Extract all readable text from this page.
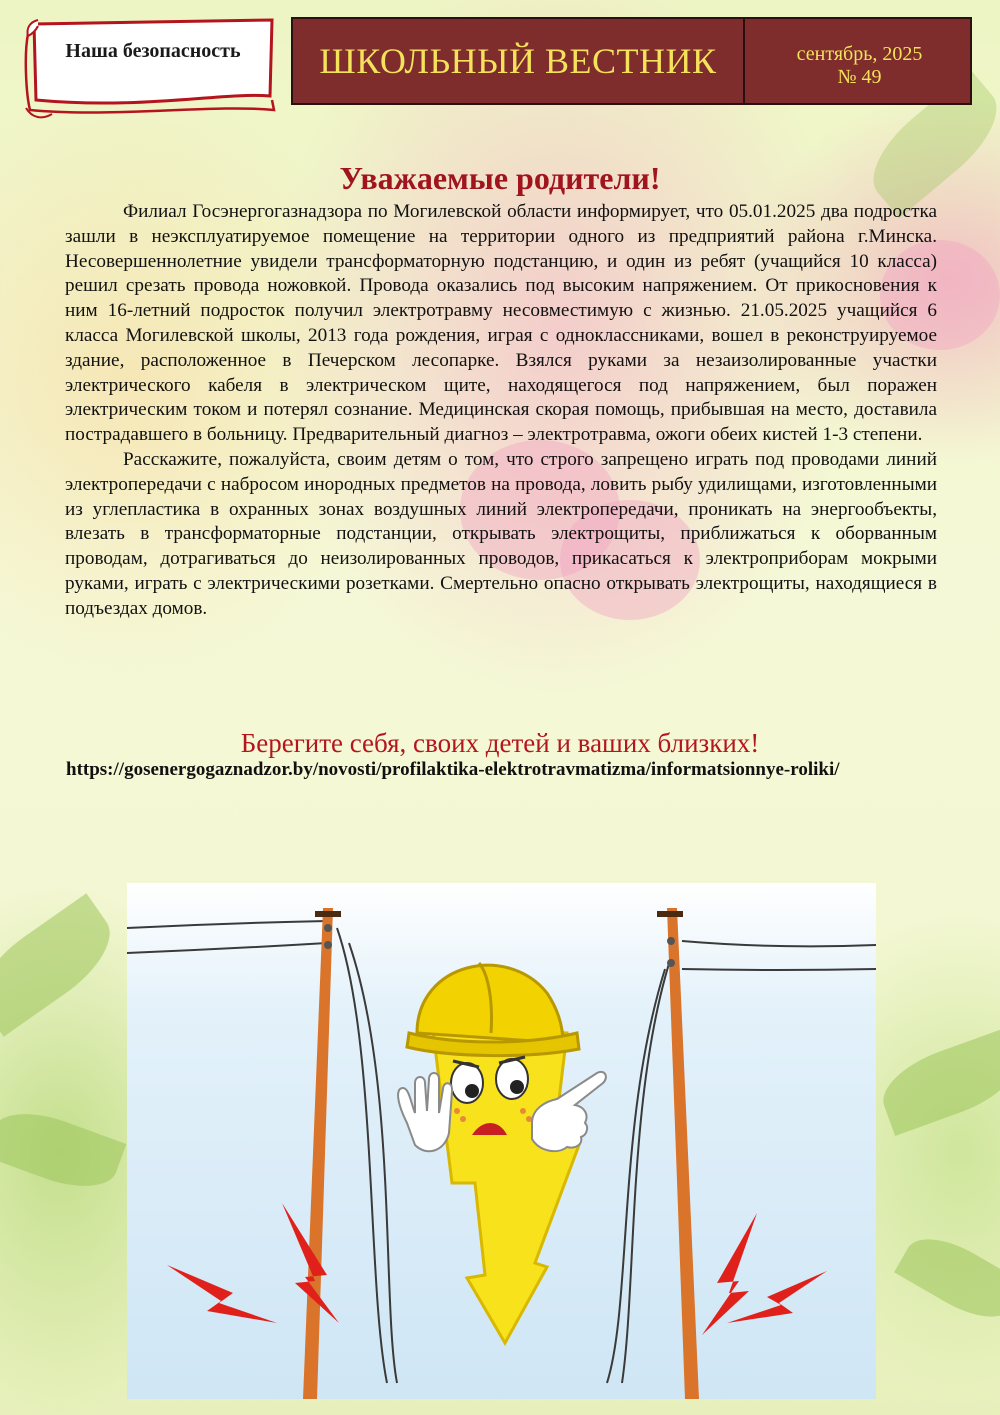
Наша безопасность	ШКОЛЬНЫЙ ВЕСТНИК	сентябрь, 2025
№ 49
Уважаемые родители!

Филиал Госэнергогазнадзора по Могилевской области информирует, что 05.01.2025 два подростка зашли в неэксплуатируемое помещение на территории одного из предприятий района г.Минска. Несовершеннолетние увидели трансформаторную подстанцию, и один из ребят (учащийся 10 класса) решил срезать провода ножовкой. Провода оказались под высоким напряжением. От прикосновения к ним 16-летний подросток получил электротравму несовместимую с жизнью. 21.05.2025 учащийся 6 класса Могилевской школы, 2013 года рождения, играя с одноклассниками, вошел в реконструируемое здание, расположенное в Печерском лесопарке. Взялся руками за незаизолированные участки электрического кабеля в электрическом щите, находящегося под напряжением, был поражен электрическим током и потерял сознание. Медицинская скорая помощь, прибывшая на место, доставила пострадавшего в больницу. Предварительный диагноз – электротравма, ожоги обеих кистей 1-3 степени.

Расскажите, пожалуйста, своим детям о том, что строго запрещено играть под проводами линий электропередачи с набросом инородных предметов на провода, ловить рыбу удилищами, изготовленными из углепластика в охранных зонах воздушных линий электропередачи, проникать на энергообъекты, влезать в трансформаторные подстанции, открывать электрощиты, приближаться к оборванным проводам, дотрагиваться до неизолированных проводов, прикасаться к электроприборам мокрыми руками, играть с электрическими розетками. Смертельно опасно открывать электрощиты, находящиеся в подъездах домов.

Берегите себя, своих детей и ваших близких!
https://gosenergogaznadzor.by/novosti/profilaktika-elektrotravmatizma/informatsionnye-roliki/
